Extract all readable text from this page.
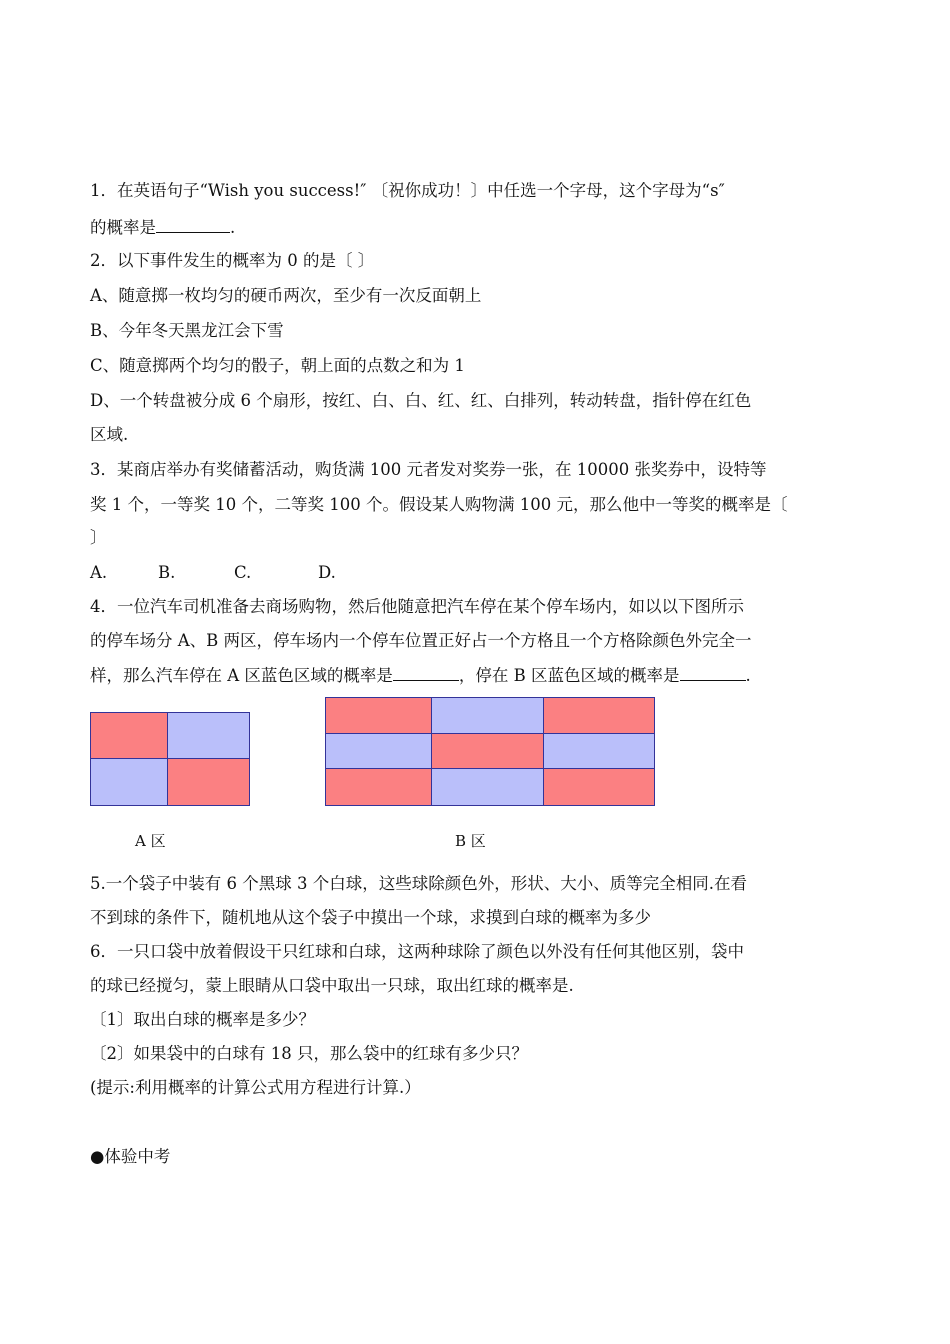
1．在英语句子“Wish you success!″ 〔祝你成功！〕中任选一个字母，这个字母为“s″
的概率是	.
2．以下事件发生的概率为 0 的是〔 〕
A、随意掷一枚均匀的硬币两次，至少有一次反面朝上
B、今年冬天黑龙江会下雪
C、随意掷两个均匀的骰子，朝上面的点数之和为 1
D、一个转盘被分成 6 个扇形，按红、白、白、红、红、白排列，转动转盘，指针停在红色
区域.
3．某商店举办有奖储蓄活动，购货满 100 元者发对奖券一张，在 10000 张奖券中，设特等
奖 1 个，一等奖 10 个，二等奖 100 个。假设某人购物满 100 元，那么他中一等奖的概率是〔
〕
A.	B.	C.	D.
4．一位汽车司机准备去商场购物，然后他随意把汽车停在某个停车场内，如以以下图所示
的停车场分 A、B 两区，停车场内一个停车位置正好占一个方格且一个方格除颜色外完全一
样，那么汽车停在 A 区蓝色区域的概率是	，停在 B 区蓝色区域的概率是	.
A 区	B 区
5.一个袋子中装有 6 个黑球 3 个白球，这些球除颜色外，形状、大小、质等完全相同.在看
不到球的条件下，随机地从这个袋子中摸出一个球，求摸到白球的概率为多少
6．一只口袋中放着假设干只红球和白球，这两种球除了颜色以外没有任何其他区别，袋中
的球已经搅匀，蒙上眼睛从口袋中取出一只球，取出红球的概率是.
〔1〕取出白球的概率是多少？
〔2〕如果袋中的白球有 18 只，那么袋中的红球有多少只？
(提示:利用概率的计算公式用方程进行计算.）
●体验中考
